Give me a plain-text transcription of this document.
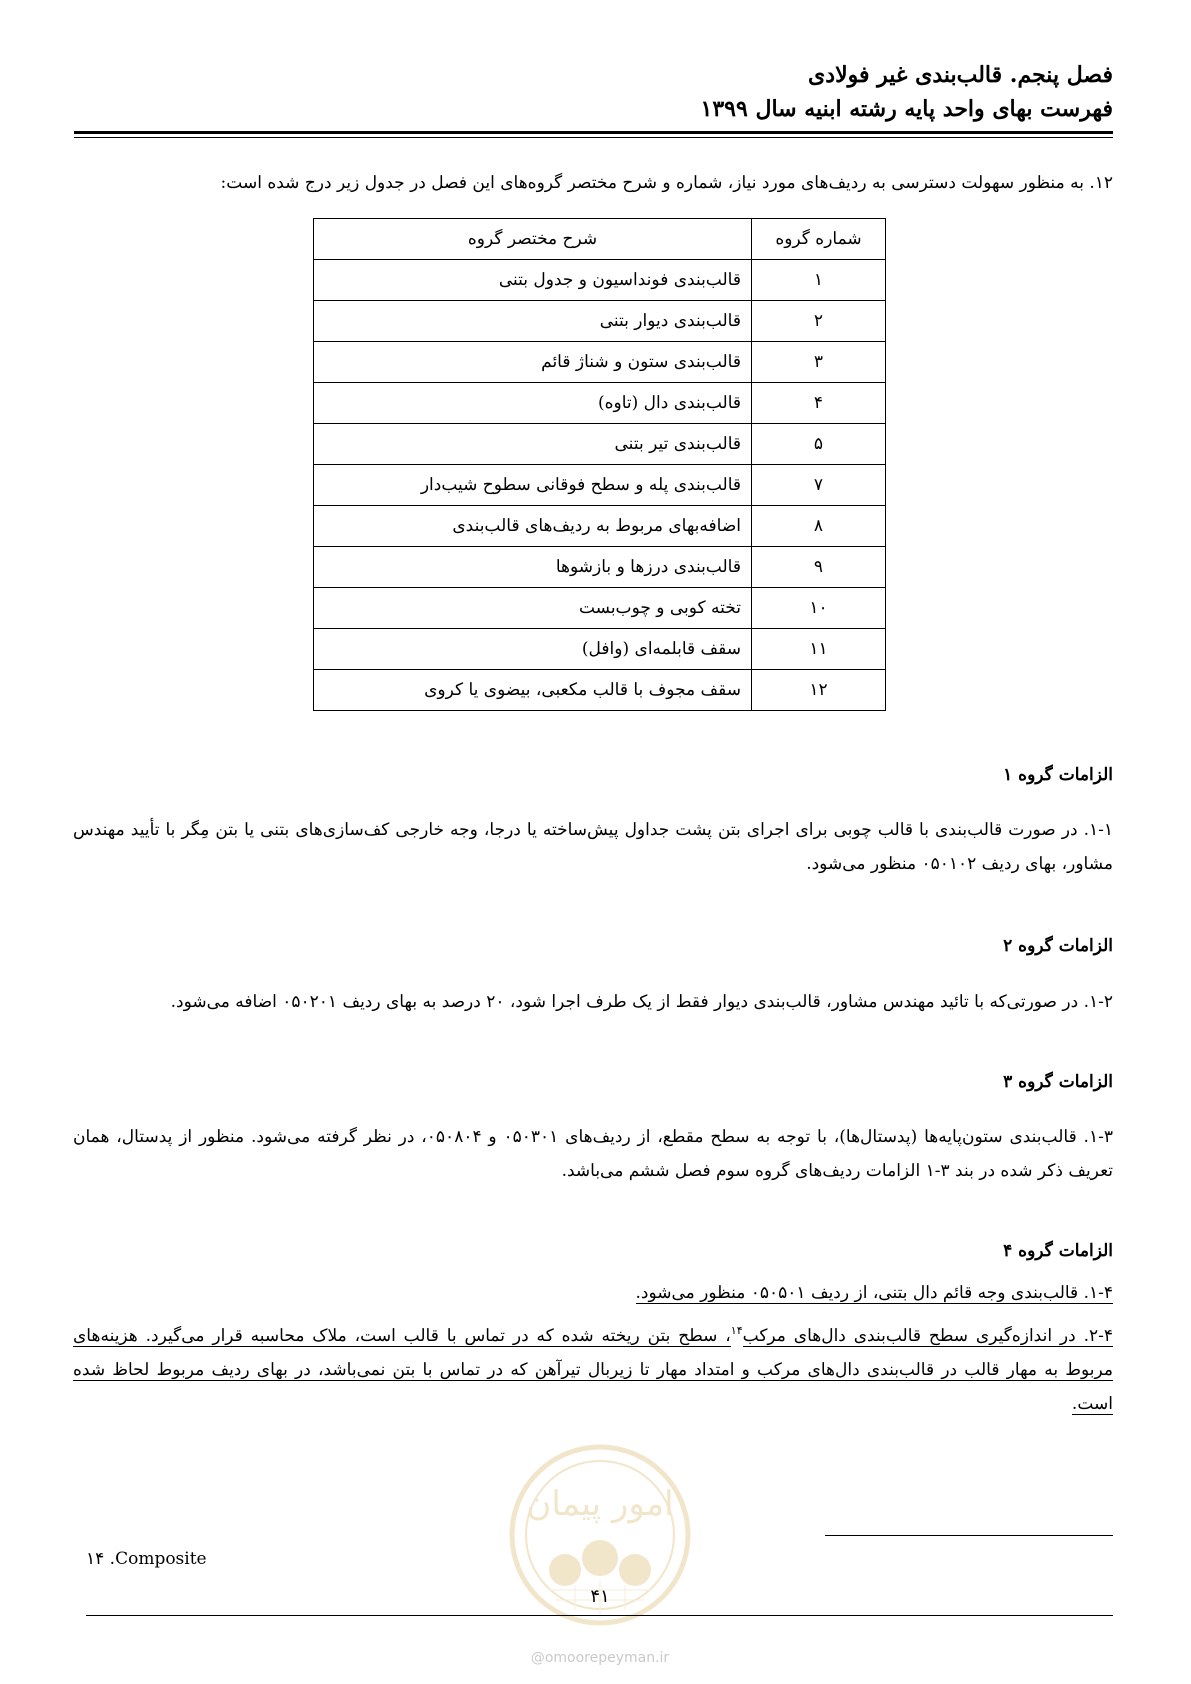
فصل پنجم. قالب‌بندی غیر فولادی
فهرست بهای واحد پایه رشته ابنیه سال ۱۳۹۹
۱۲. به منظور سهولت دسترسی به ردیف‌های مورد نیاز، شماره و شرح مختصر گروه‌های این فصل در جدول زیر درج شده است:
شماره گروه	شرح مختصر گروه
۱	قالب‌بندی فونداسیون و جدول بتنی
۲	قالب‌بندی دیوار بتنی
۳	قالب‌بندی ستون و شناژ قائم
۴	قالب‌بندی دال (تاوه)
۵	قالب‌بندی تیر بتنی
۷	قالب‌بندی پله و سطح فوقانی سطوح شیب‌دار
۸	اضافه‌بهای مربوط به ردیف‌های قالب‌بندی
۹	قالب‌بندی درزها و بازشوها
۱۰	تخته کوبی و چوب‌بست
۱۱	سقف قابلمه‌ای (وافل)
۱۲	سقف مجوف با قالب مکعبی، بیضوی یا کروی
الزامات گروه ۱
۱-۱. در صورت قالب‌بندی با قالب چوبی برای اجرای بتن پشت جداول پیش‌ساخته یا درجا، وجه خارجی کف‌سازی‌های بتنی یا بتن مِگر با تأیید مهندس مشاور، بهای ردیف ۰۵۰۱۰۲ منظور می‌شود.
الزامات گروه ۲
۱-۲. در صورتی‌که با تائید مهندس مشاور، قالب‌بندی دیوار فقط از یک طرف اجرا شود، ۲۰ درصد به بهای ردیف ۰۵۰۲۰۱ اضافه می‌شود.
الزامات گروه ۳
۱-۳. قالب‌بندی ستون‌پایه‌ها (پدستال‌ها)، با توجه به سطح مقطع، از ردیف‌های ۰۵۰۳۰۱ و ۰۵۰۸۰۴، در نظر گرفته می‌شود. منظور از پدستال، همان تعریف ذکر شده در بند ۳-۱ الزامات ردیف‌های گروه سوم فصل ششم می‌باشد.
الزامات گروه ۴
۱-۴. قالب‌بندی وجه قائم دال بتنی، از ردیف ۰۵۰۵۰۱ منظور می‌شود.
۲-۴. در اندازه‌گیری سطح قالب‌بندی دال‌های مرکب$^{۱۴}$، سطح بتن ریخته شده که در تماس با قالب است، ملاک محاسبه قرار می‌گیرد. هزینه‌های مربوط به مهار قالب در قالب‌بندی دال‌های مرکب و امتداد مهار تا زیربال تیرآهن که در تماس با بتن نمی‌باشد، در بهای ردیف مربوط لحاظ شده است.
امور پیمان
۱۴ .Composite
۴۱
@omoorepeyman.ir
